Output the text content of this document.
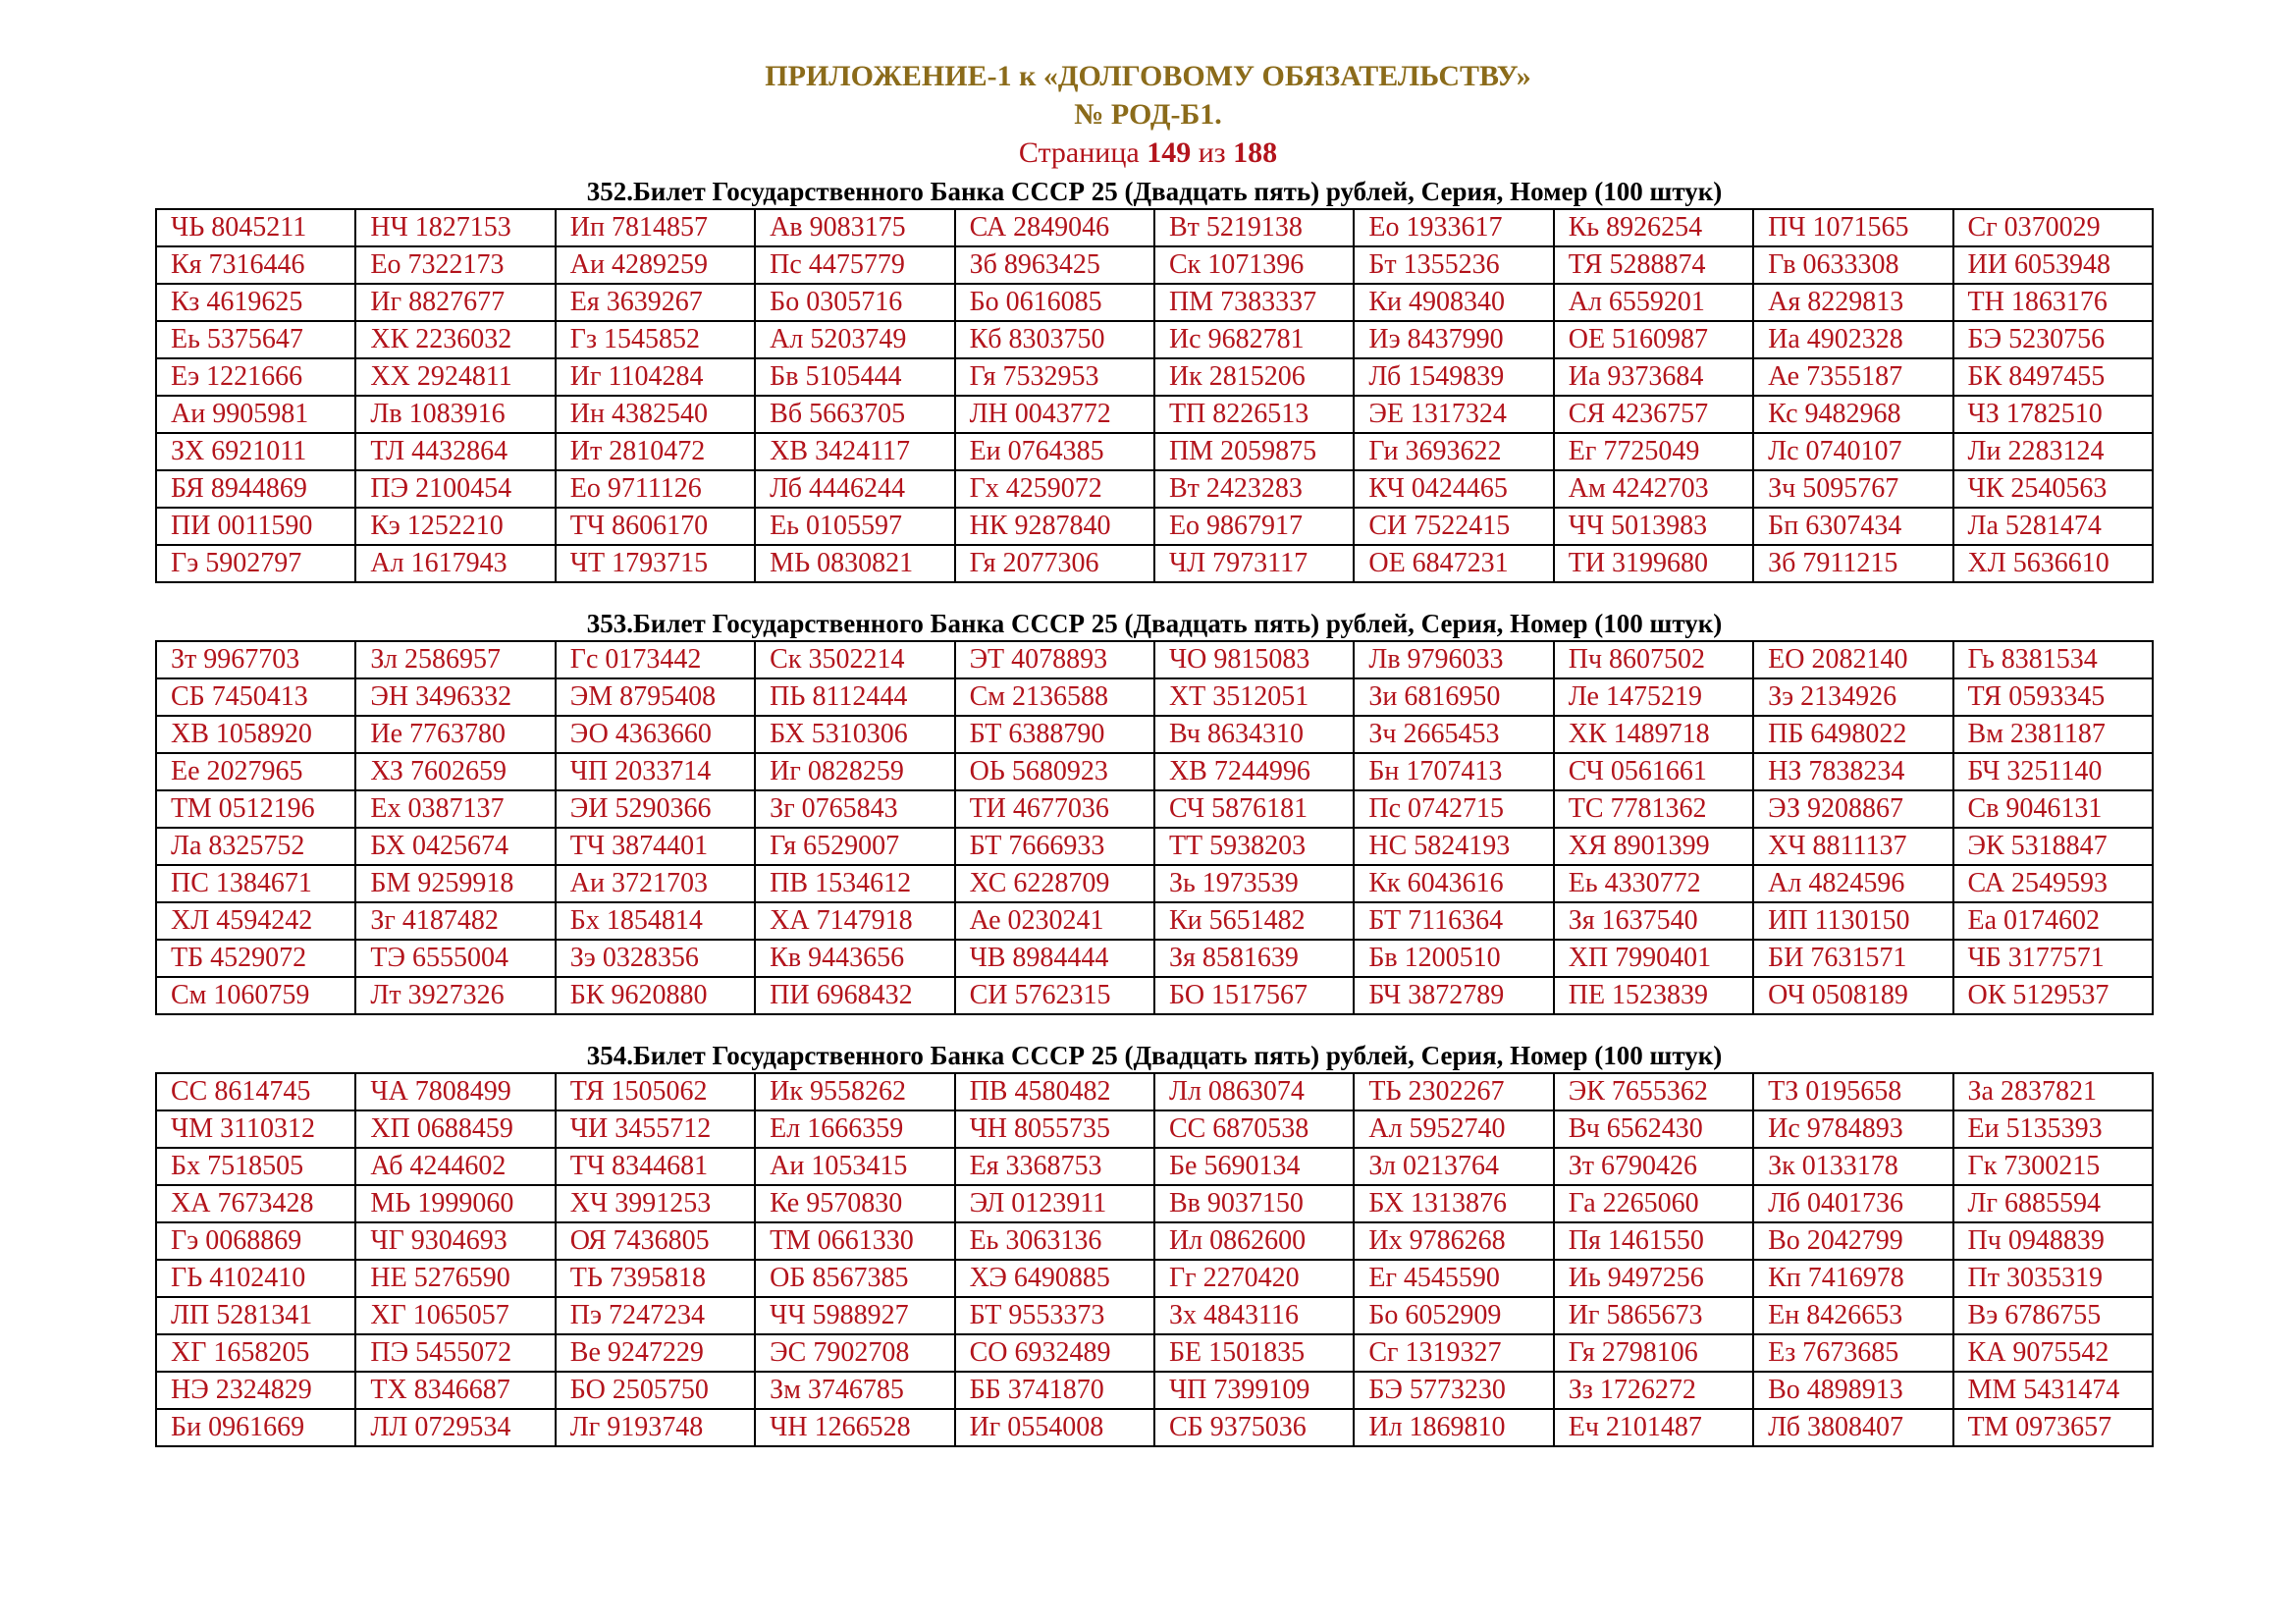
ПРИЛОЖЕНИЕ-1 к «ДОЛГОВОМУ ОБЯЗАТЕЛЬСТВУ»
№ РОД-Б1.
Страница 149 из 188
352.Билет Государственного Банка СССР 25 (Двадцать пять) рублей, Серия, Номер (100 штук)
ЧЬ 8045211	НЧ 1827153	Ип 7814857	Ав 9083175	СА 2849046	Вт 5219138	Ео 1933617	Кь 8926254	ПЧ 1071565	Сг 0370029
Кя 7316446	Ео 7322173	Аи 4289259	Пс 4475779	Зб 8963425	Ск 1071396	Бт 1355236	ТЯ 5288874	Гв 0633308	ИИ 6053948
Кз 4619625	Иг 8827677	Ея 3639267	Бо 0305716	Бо 0616085	ПМ 7383337	Ки 4908340	Ал 6559201	Ая 8229813	ТН 1863176
Еь 5375647	ХК 2236032	Гз 1545852	Ал 5203749	Кб 8303750	Ис 9682781	Иэ 8437990	ОЕ 5160987	Иа 4902328	БЭ 5230756
Еэ 1221666	ХХ 2924811	Иг 1104284	Бв 5105444	Гя 7532953	Ик 2815206	Лб 1549839	Иа 9373684	Ае 7355187	БК 8497455
Аи 9905981	Лв 1083916	Ин 4382540	Вб 5663705	ЛН 0043772	ТП 8226513	ЭЕ 1317324	СЯ 4236757	Кс 9482968	ЧЗ 1782510
ЗХ 6921011	ТЛ 4432864	Ит 2810472	ХВ 3424117	Еи 0764385	ПМ 2059875	Ги 3693622	Ег 7725049	Лс 0740107	Ли 2283124
БЯ 8944869	ПЭ 2100454	Ео 9711126	Лб 4446244	Гх 4259072	Вт 2423283	КЧ 0424465	Ам 4242703	Зч 5095767	ЧК 2540563
ПИ 0011590	Кэ 1252210	ТЧ 8606170	Еь 0105597	НК 9287840	Ео 9867917	СИ 7522415	ЧЧ 5013983	Бп 6307434	Ла 5281474
Гэ 5902797	Ал 1617943	ЧТ 1793715	МЬ 0830821	Гя 2077306	ЧЛ 7973117	ОЕ 6847231	ТИ 3199680	Зб 7911215	ХЛ 5636610
353.Билет Государственного Банка СССР 25 (Двадцать пять) рублей, Серия, Номер (100 штук)
Зт 9967703	Зл 2586957	Гс 0173442	Ск 3502214	ЭТ 4078893	ЧО 9815083	Лв 9796033	Пч 8607502	ЕО 2082140	Гь 8381534
СБ 7450413	ЭН 3496332	ЭМ 8795408	ПЬ 8112444	См 2136588	ХТ 3512051	Зи 6816950	Ле 1475219	Зэ 2134926	ТЯ 0593345
ХВ 1058920	Ие 7763780	ЭО 4363660	БХ 5310306	БТ 6388790	Вч 8634310	Зч 2665453	ХК 1489718	ПБ 6498022	Вм 2381187
Ее 2027965	ХЗ 7602659	ЧП 2033714	Иг 0828259	ОЬ 5680923	ХВ 7244996	Бн 1707413	СЧ 0561661	НЗ 7838234	БЧ 3251140
ТМ 0512196	Ех 0387137	ЭИ 5290366	Зг 0765843	ТИ 4677036	СЧ 5876181	Пс 0742715	ТС 7781362	ЭЗ 9208867	Св 9046131
Ла 8325752	БХ 0425674	ТЧ 3874401	Гя 6529007	БТ 7666933	ТТ 5938203	НС 5824193	ХЯ 8901399	ХЧ 8811137	ЭК 5318847
ПС 1384671	БМ 9259918	Аи 3721703	ПВ 1534612	ХС 6228709	Зь 1973539	Кк 6043616	Еь 4330772	Ал 4824596	СА 2549593
ХЛ 4594242	Зг 4187482	Бх 1854814	ХА 7147918	Ае 0230241	Ки 5651482	БТ 7116364	Зя 1637540	ИП 1130150	Еа 0174602
ТБ 4529072	ТЭ 6555004	Зэ 0328356	Кв 9443656	ЧВ 8984444	Зя 8581639	Бв 1200510	ХП 7990401	БИ 7631571	ЧБ 3177571
См 1060759	Лт 3927326	БК 9620880	ПИ 6968432	СИ 5762315	БО 1517567	БЧ 3872789	ПЕ 1523839	ОЧ 0508189	ОК 5129537
354.Билет Государственного Банка СССР 25 (Двадцать пять) рублей, Серия, Номер (100 штук)
СС 8614745	ЧА 7808499	ТЯ 1505062	Ик 9558262	ПВ 4580482	Лл 0863074	ТЬ 2302267	ЭК 7655362	ТЗ 0195658	За 2837821
ЧМ 3110312	ХП 0688459	ЧИ 3455712	Ел 1666359	ЧН 8055735	СС 6870538	Ал 5952740	Вч 6562430	Ис 9784893	Еи 5135393
Бх 7518505	Аб 4244602	ТЧ 8344681	Аи 1053415	Ея 3368753	Бе 5690134	Зл 0213764	Зт 6790426	Зк 0133178	Гк 7300215
ХА 7673428	МЬ 1999060	ХЧ 3991253	Ке 9570830	ЭЛ 0123911	Вв 9037150	БХ 1313876	Га 2265060	Лб 0401736	Лг 6885594
Гэ 0068869	ЧГ 9304693	ОЯ 7436805	ТМ 0661330	Еь 3063136	Ил 0862600	Их 9786268	Пя 1461550	Во 2042799	Пч 0948839
ГЬ 4102410	НЕ 5276590	ТЬ 7395818	ОБ 8567385	ХЭ 6490885	Гг 2270420	Ег 4545590	Иь 9497256	Кп 7416978	Пт 3035319
ЛП 5281341	ХГ 1065057	Пэ 7247234	ЧЧ 5988927	БТ 9553373	Зх 4843116	Бо 6052909	Иг 5865673	Ен 8426653	Вэ 6786755
ХГ 1658205	ПЭ 5455072	Ве 9247229	ЭС 7902708	СО 6932489	БЕ 1501835	Сг 1319327	Гя 2798106	Ез 7673685	КА 9075542
НЭ 2324829	ТХ 8346687	БО 2505750	Зм 3746785	ББ 3741870	ЧП 7399109	БЭ 5773230	Зз 1726272	Во 4898913	ММ 5431474
Би 0961669	ЛЛ 0729534	Лг 9193748	ЧН 1266528	Иг 0554008	СБ 9375036	Ил 1869810	Еч 2101487	Лб 3808407	ТМ 0973657
